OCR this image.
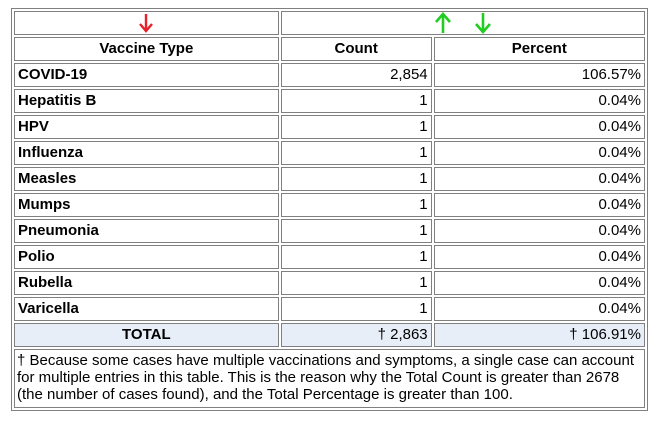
Vaccine Type	Count	Percent
COVID-19	2,854	106.57%
Hepatitis B	1	0.04%
HPV	1	0.04%
Influenza	1	0.04%
Measles	1	0.04%
Mumps	1	0.04%
Pneumonia	1	0.04%
Polio	1	0.04%
Rubella	1	0.04%
Varicella	1	0.04%
TOTAL	† 2,863	† 106.91%
† Because some cases have multiple vaccinations and symptoms, a single case can account for multiple entries in this table. This is the reason why the Total Count is greater than 2678 (the number of cases found), and the Total Percentage is greater than 100.		
